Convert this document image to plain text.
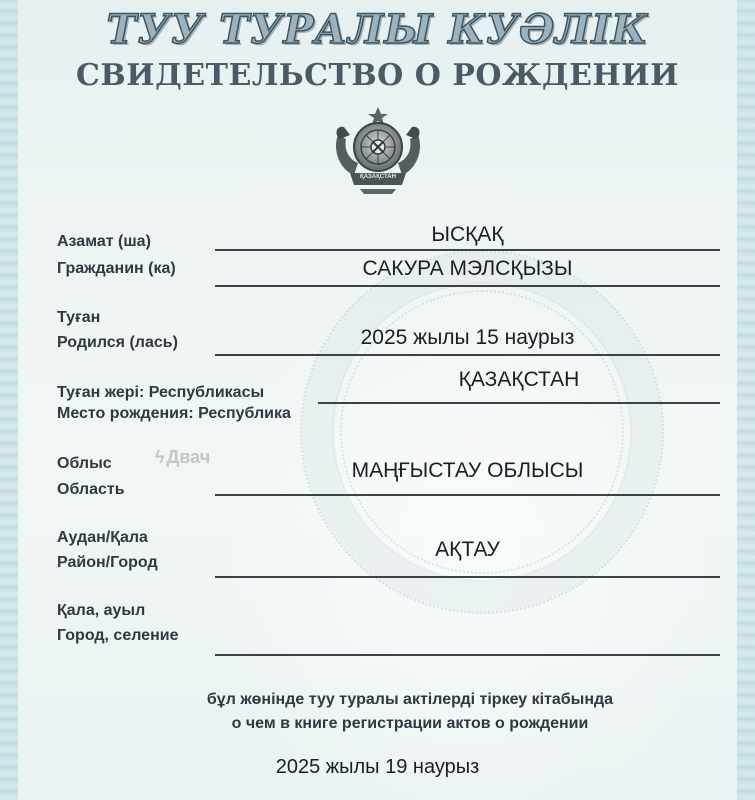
ТУУ ТУРАЛЫ КУӘЛІК
СВИДЕТЕЛЬСТВО О РОЖДЕНИИ
ҚАЗАҚСТАН
Азамат (ша)
Гражданин (ка)
ЫСҚАҚ
САКУРА МЭЛСҚЫЗЫ
Туған
Родился (лась)	2025 жылы 15 наурыз
Туған жері: Республикасы
Место рождения: Республика
ҚАЗАҚСТАН
Облыс
Область
МАҢҒЫСТАУ ОБЛЫСЫ
Аудан/Қала
Район/Город
АҚТАУ
Қала, ауыл
Город, селение
ϟ Двач
бұл жөнінде туу туралы актілерді тіркеу кітабында
о чем в книге регистрации актов о рождении
2025 жылы 19 наурыз
